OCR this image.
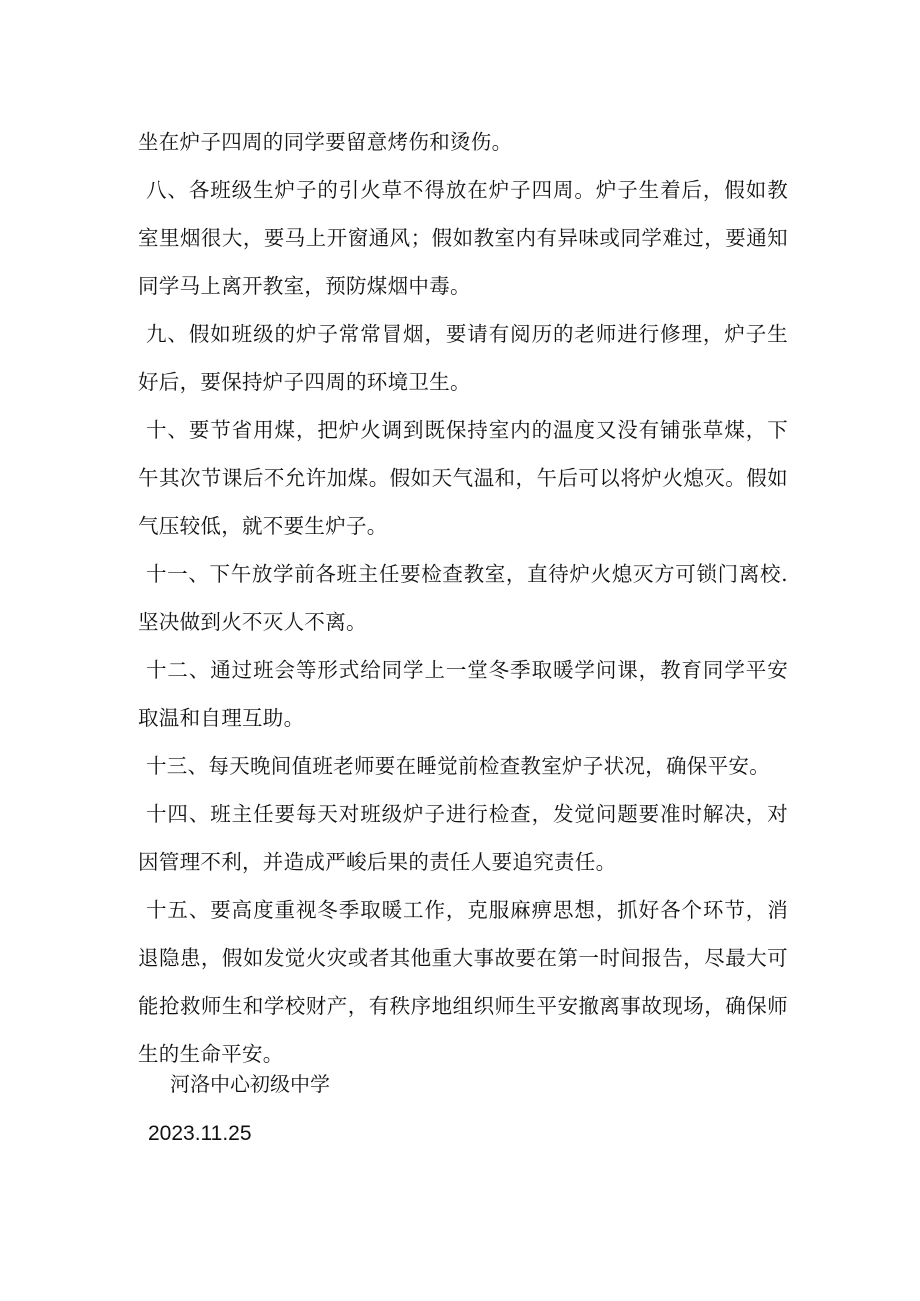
坐在炉子四周的同学要留意烤伤和烫伤。

八、各班级生炉子的引火草不得放在炉子四周。炉子生着后，假如教室里烟很大，要马上开窗通风；假如教室内有异味或同学难过，要通知同学马上离开教室，预防煤烟中毒。

九、假如班级的炉子常常冒烟，要请有阅历的老师进行修理，炉子生好后，要保持炉子四周的环境卫生。

十、要节省用煤，把炉火调到既保持室内的温度又没有铺张草煤，下午其次节课后不允许加煤。假如天气温和，午后可以将炉火熄灭。假如气压较低，就不要生炉子。

十一、下午放学前各班主任要检查教室，直待炉火熄灭方可锁门离校.坚决做到火不灭人不离。

十二、通过班会等形式给同学上一堂冬季取暖学问课，教育同学平安取温和自理互助。

十三、每天晚间值班老师要在睡觉前检查教室炉子状况，确保平安。

十四、班主任要每天对班级炉子进行检查，发觉问题要准时解决，对因管理不利，并造成严峻后果的责任人要追究责任。

十五、要高度重视冬季取暖工作，克服麻痹思想，抓好各个环节，消退隐患，假如发觉火灾或者其他重大事故要在第一时间报告，尽最大可能抢救师生和学校财产，有秩序地组织师生平安撤离事故现场，确保师生的生命平安。

河洛中心初级中学

2023.11.25
